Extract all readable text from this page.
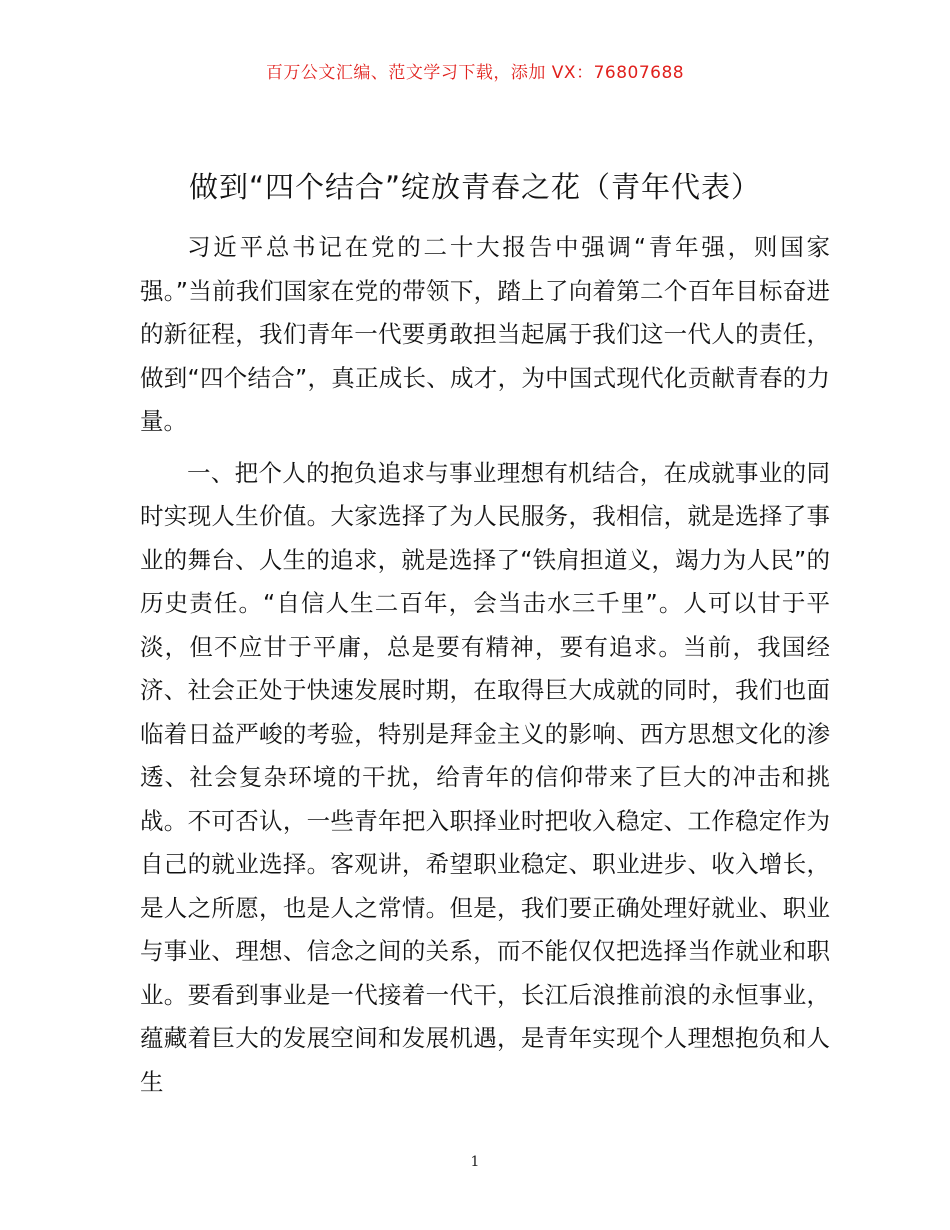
百万公文汇编、范文学习下载，添加 VX：76807688
做到“四个结合”绽放青春之花（青年代表）

习近平总书记在党的二十大报告中强调“青年强，则国家强。”当前我们国家在党的带领下，踏上了向着第二个百年目标奋进的新征程，我们青年一代要勇敢担当起属于我们这一代人的责任，做到“四个结合”，真正成长、成才，为中国式现代化贡献青春的力量。

一、把个人的抱负追求与事业理想有机结合，在成就事业的同时实现人生价值。大家选择了为人民服务，我相信，就是选择了事业的舞台、人生的追求，就是选择了“铁肩担道义，竭力为人民”的历史责任。“自信人生二百年，会当击水三千里”。人可以甘于平淡，但不应甘于平庸，总是要有精神，要有追求。当前，我国经济、社会正处于快速发展时期，在取得巨大成就的同时，我们也面临着日益严峻的考验，特别是拜金主义的影响、西方思想文化的渗透、社会复杂环境的干扰，给青年的信仰带来了巨大的冲击和挑战。不可否认，一些青年把入职择业时把收入稳定、工作稳定作为自己的就业选择。客观讲，希望职业稳定、职业进步、收入增长，是人之所愿，也是人之常情。但是，我们要正确处理好就业、职业与事业、理想、信念之间的关系，而不能仅仅把选择当作就业和职业。要看到事业是一代接着一代干，长江后浪推前浪的永恒事业，蕴藏着巨大的发展空间和发展机遇，是青年实现个人理想抱负和人生

1
